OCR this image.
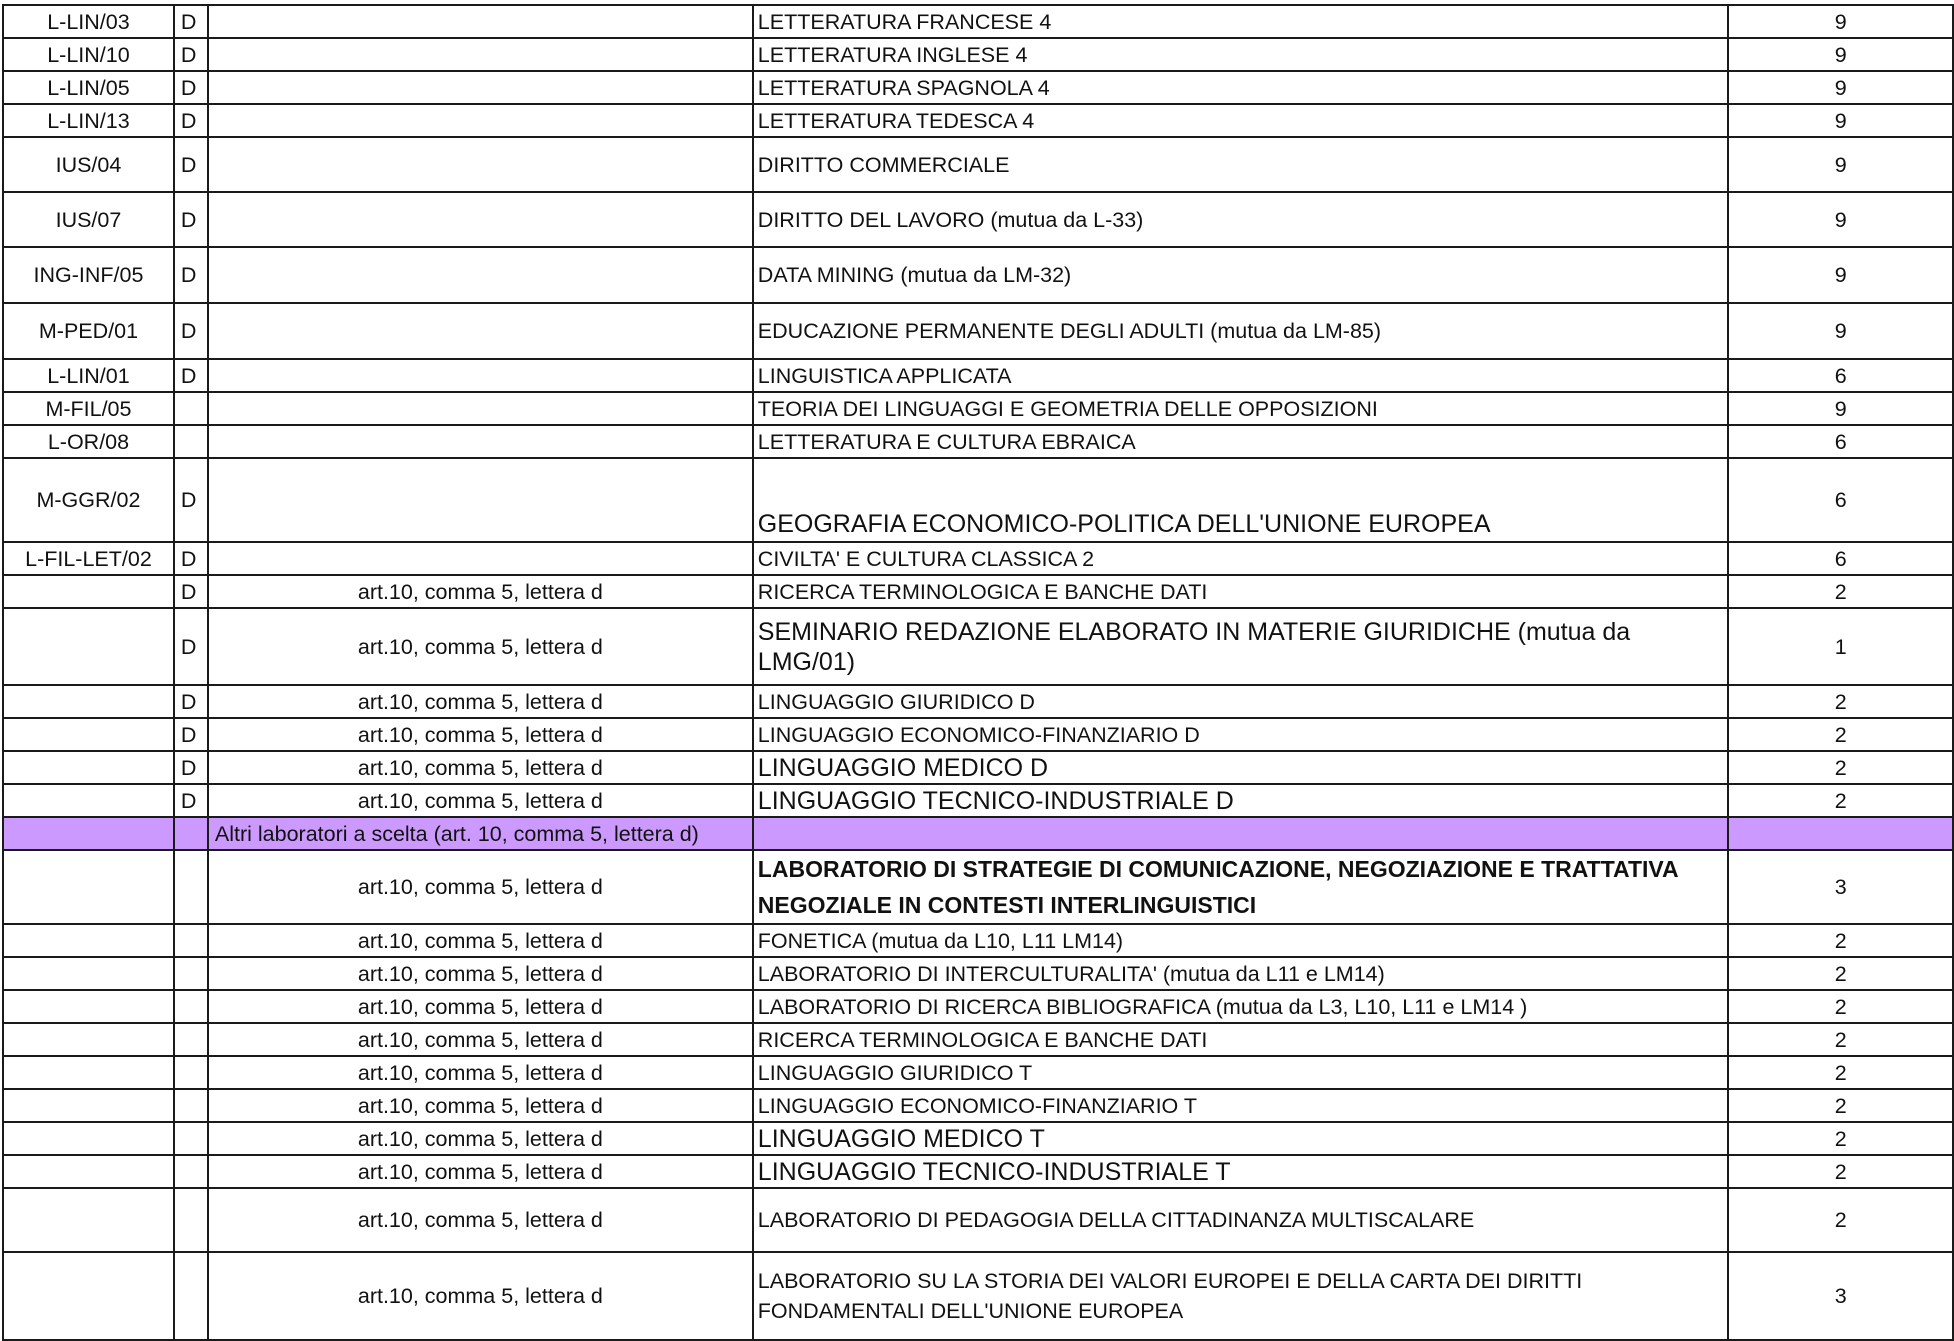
L-LIN/03	D		LETTERATURA FRANCESE 4	9
L-LIN/10	D		LETTERATURA INGLESE 4	9
L-LIN/05	D		LETTERATURA SPAGNOLA 4	9
L-LIN/13	D		LETTERATURA TEDESCA 4	9
IUS/04	D		DIRITTO COMMERCIALE	9
IUS/07	D		DIRITTO DEL LAVORO (mutua da L-33)	9
ING-INF/05	D		DATA MINING (mutua da LM-32)	9
M-PED/01	D		EDUCAZIONE PERMANENTE DEGLI ADULTI (mutua da LM-85)	9
L-LIN/01	D		LINGUISTICA APPLICATA	6
M-FIL/05			TEORIA DEI LINGUAGGI E GEOMETRIA DELLE OPPOSIZIONI	9
L-OR/08			LETTERATURA E CULTURA EBRAICA	6
M-GGR/02	D		GEOGRAFIA ECONOMICO-POLITICA DELL'UNIONE EUROPEA	6
L-FIL-LET/02	D		CIVILTA' E CULTURA CLASSICA 2	6
	D	art.10, comma 5, lettera d	RICERCA TERMINOLOGICA E BANCHE DATI	2
	D	art.10, comma 5, lettera d	SEMINARIO REDAZIONE ELABORATO IN MATERIE GIURIDICHE (mutua da LMG/01)	1
	D	art.10, comma 5, lettera d	LINGUAGGIO GIURIDICO D	2
	D	art.10, comma 5, lettera d	LINGUAGGIO ECONOMICO-FINANZIARIO D	2
	D	art.10, comma 5, lettera d	LINGUAGGIO MEDICO D	2
	D	art.10, comma 5, lettera d	LINGUAGGIO TECNICO-INDUSTRIALE D	2
		Altri laboratori a scelta (art. 10, comma 5, lettera d)		
		art.10, comma 5, lettera d	LABORATORIO DI STRATEGIE DI COMUNICAZIONE, NEGOZIAZIONE E TRATTATIVA NEGOZIALE IN CONTESTI INTERLINGUISTICI	3
		art.10, comma 5, lettera d	FONETICA (mutua da L10, L11 LM14)	2
		art.10, comma 5, lettera d	LABORATORIO DI INTERCULTURALITA' (mutua da L11 e LM14)	2
		art.10, comma 5, lettera d	LABORATORIO DI RICERCA BIBLIOGRAFICA (mutua da L3, L10, L11 e LM14 )	2
		art.10, comma 5, lettera d	RICERCA TERMINOLOGICA E BANCHE DATI	2
		art.10, comma 5, lettera d	LINGUAGGIO GIURIDICO T	2
		art.10, comma 5, lettera d	LINGUAGGIO ECONOMICO-FINANZIARIO T	2
		art.10, comma 5, lettera d	LINGUAGGIO MEDICO T	2
		art.10, comma 5, lettera d	LINGUAGGIO TECNICO-INDUSTRIALE T	2
		art.10, comma 5, lettera d	LABORATORIO DI PEDAGOGIA DELLA CITTADINANZA MULTISCALARE	2
		art.10, comma 5, lettera d	LABORATORIO SU LA STORIA DEI VALORI EUROPEI E DELLA CARTA DEI DIRITTI FONDAMENTALI DELL'UNIONE EUROPEA	3
